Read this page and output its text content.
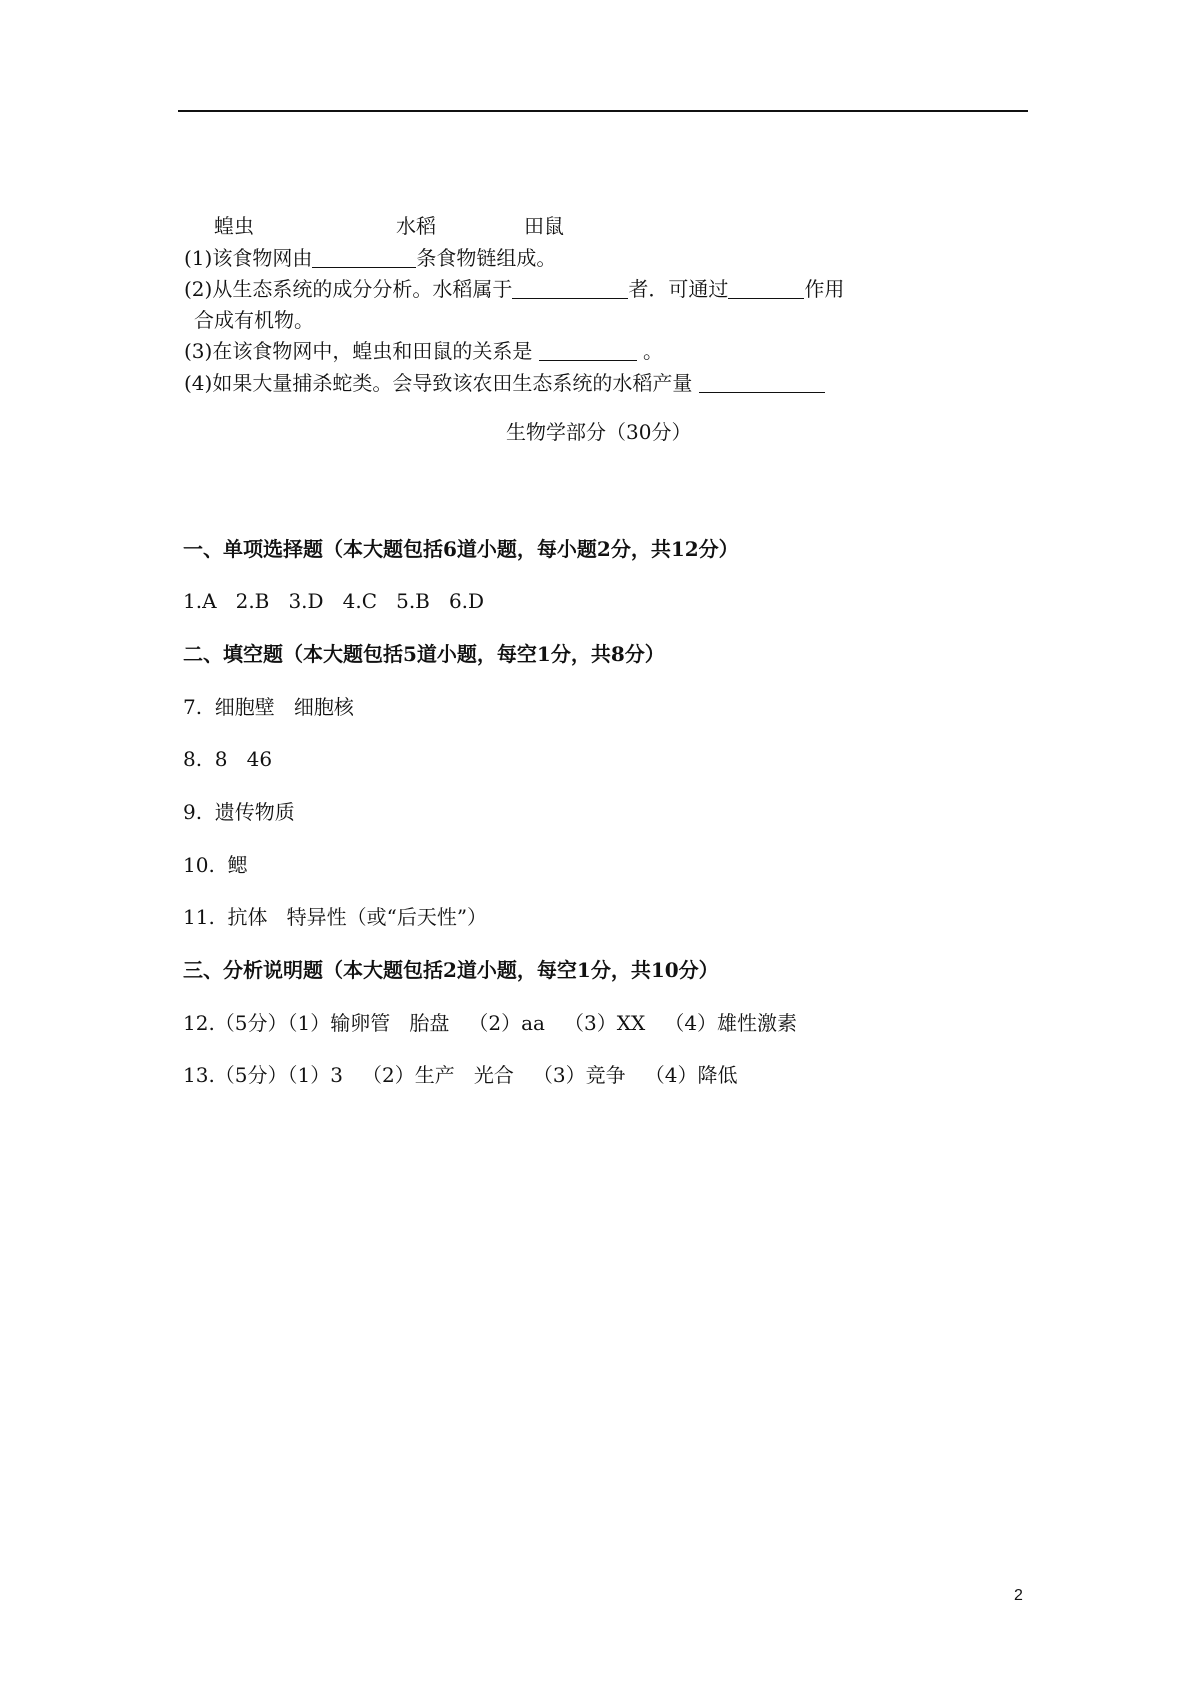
蝗虫	水稻	田鼠
(1)该食物网由	条食物链组成。
(2)从生态系统的成分分析。水稻属于	者．可通过	作用
合成有机物。
(3)在该食物网中，蝗虫和田鼠的关系是	。
(4)如果大量捕杀蛇类。会导致该农田生态系统的水稻产量
生物学部分（30分）
一、单项选择题（本大题包括6道小题，每小题2分，共12分）
1.A   2.B   3.D   4.C   5.B   6.D
二、填空题（本大题包括5道小题，每空1分，共8分）
7.  细胞壁   细胞核
8.  8   46
9.  遗传物质
10.  鳃
11.  抗体   特异性（或“后天性”）
三、分析说明题（本大题包括2道小题，每空1分，共10分）
12.（5分）（1）输卵管   胎盘   （2）aa   （3）XX   （4）雄性激素
13.（5分）（1）3   （2）生产   光合   （3）竞争   （4）降低
2
